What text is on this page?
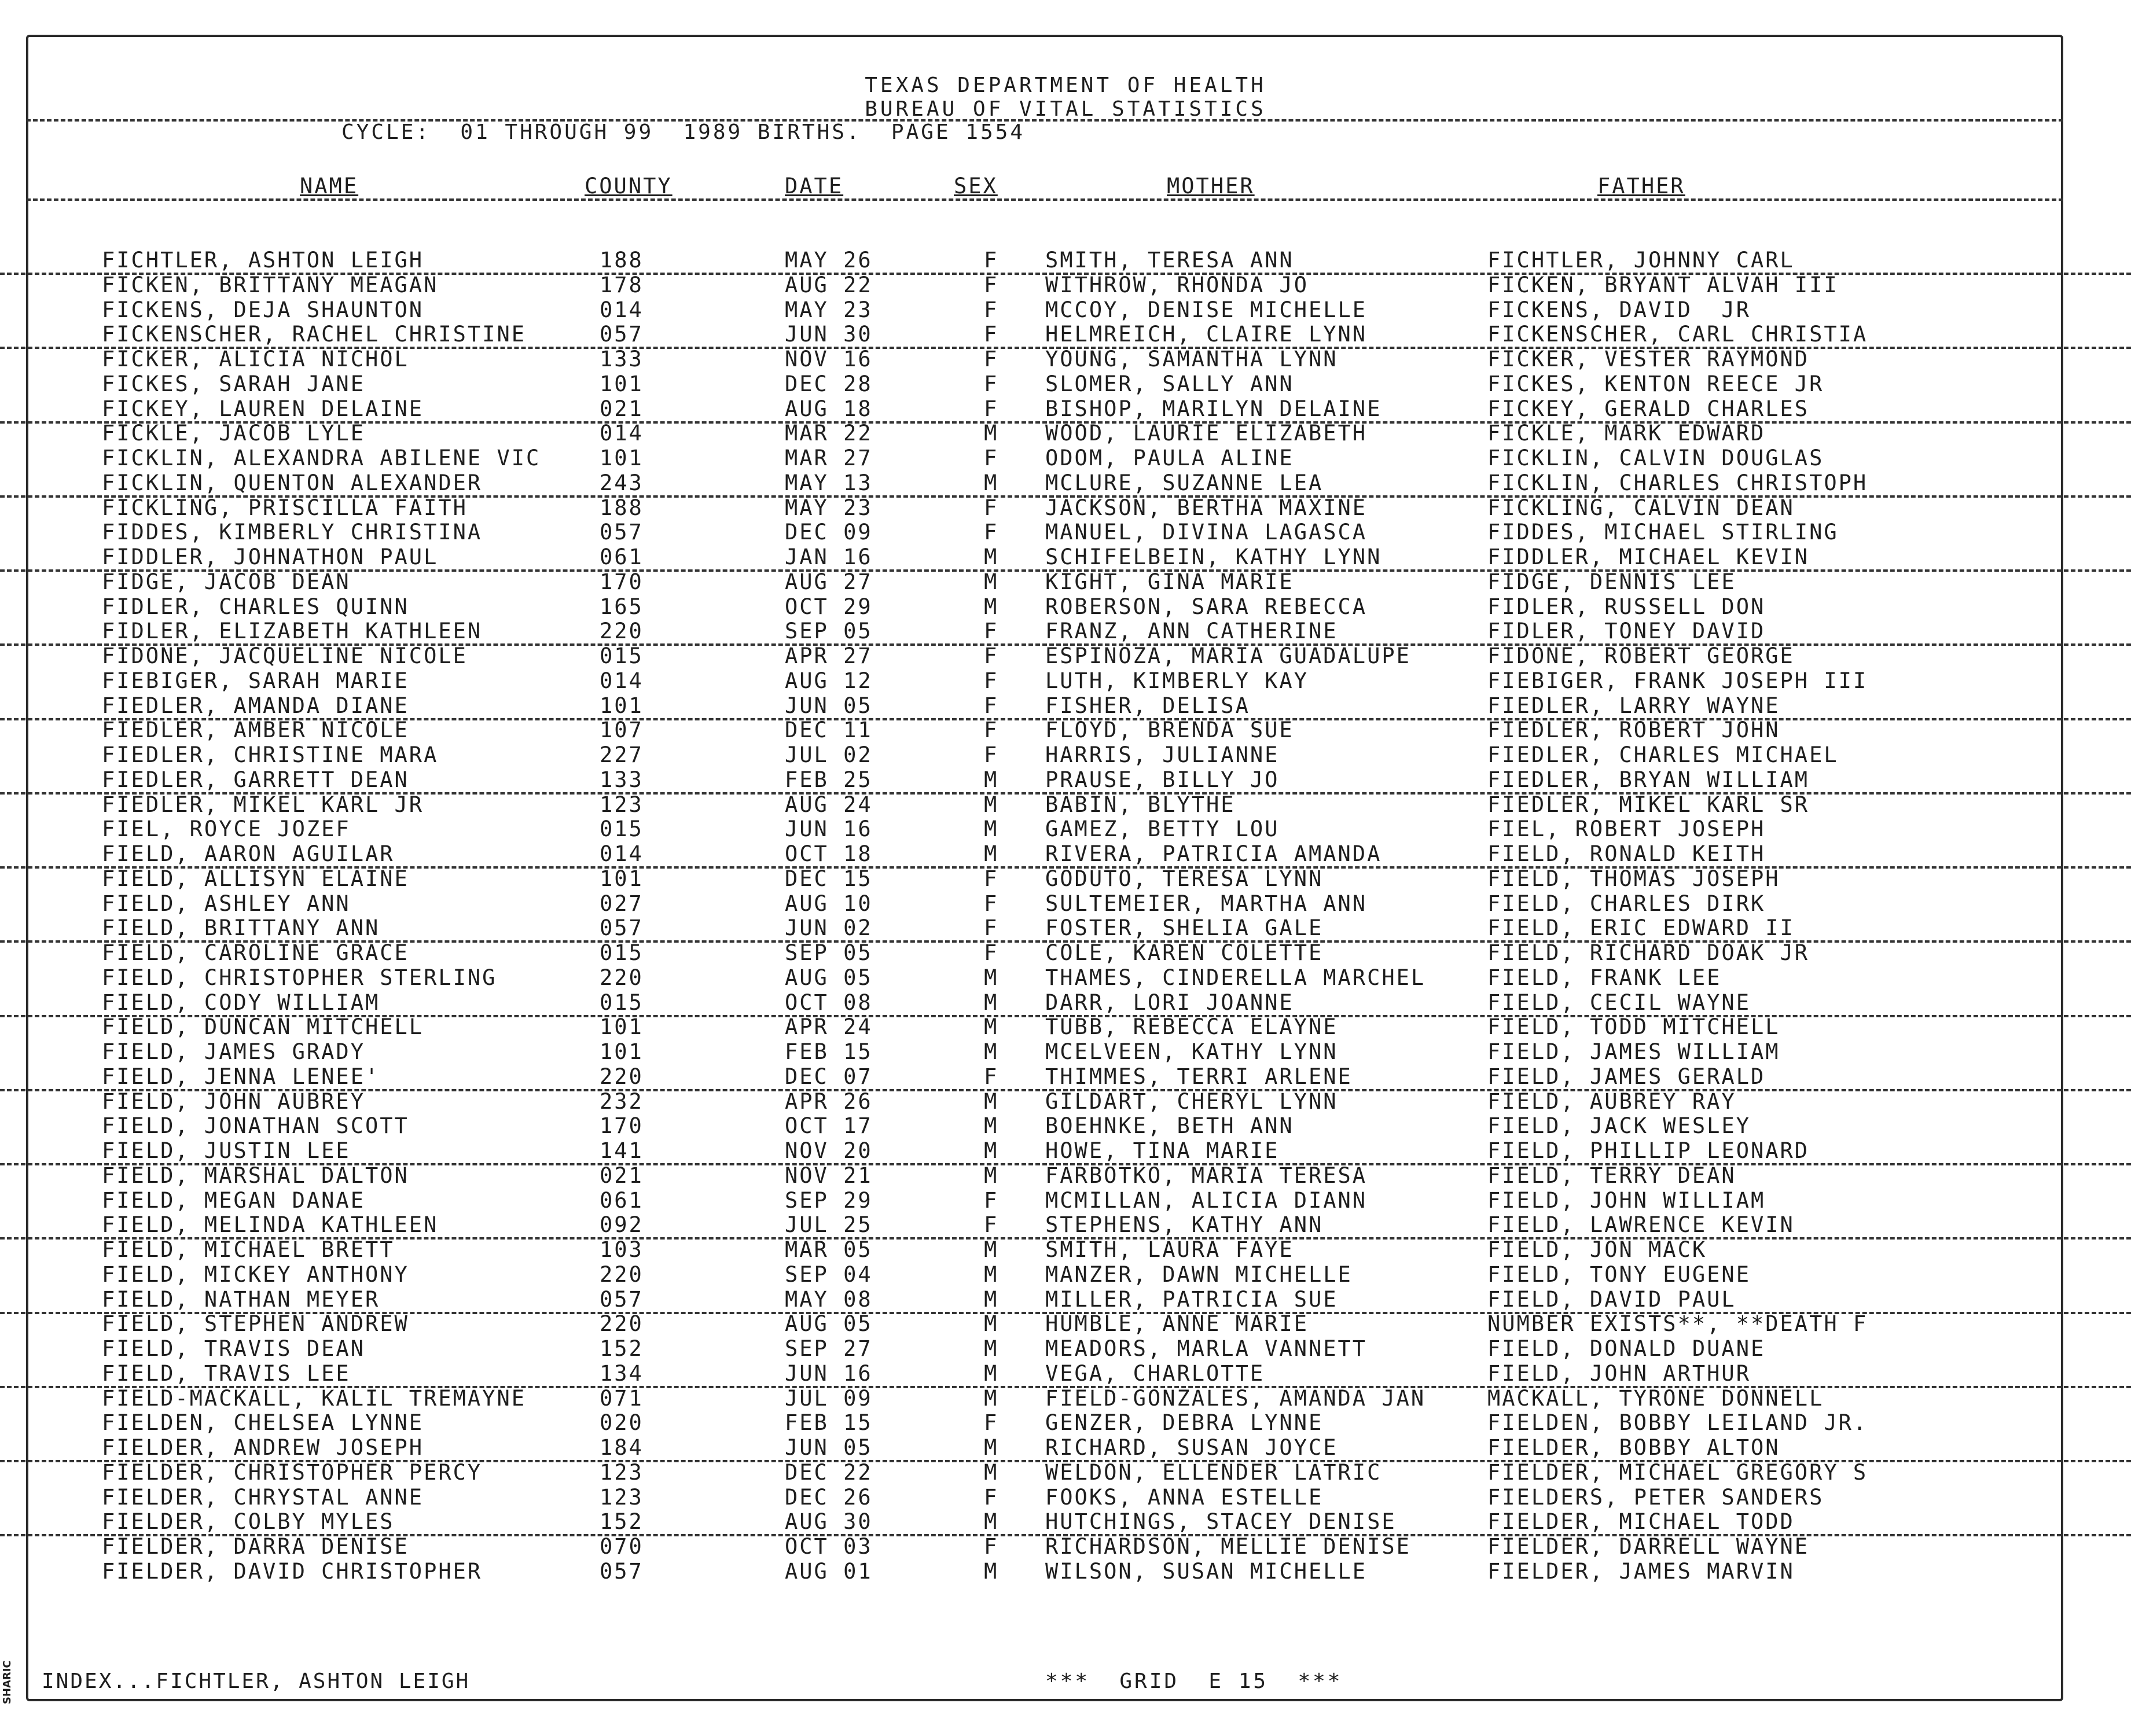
TEXAS DEPARTMENT OF HEALTH
BUREAU OF VITAL STATISTICS
CYCLE:  01 THROUGH 99  1989 BIRTHS.  PAGE 1554
NAME	COUNTY	DATE	SEX	MOTHER	FATHER
FICHTLER, ASHTON LEIGH	188	MAY 26	F SMITH, TERESA ANN	FICHTLER, JOHNNY CARL
FICKEN, BRITTANY MEAGAN	178	AUG 22	F WITHROW, RHONDA JO	FICKEN, BRYANT ALVAH III
FICKENS, DEJA SHAUNTON	014	MAY 23	F MCCOY, DENISE MICHELLE	FICKENS, DAVID  JR
FICKENSCHER, RACHEL CHRISTINE	057	JUN 30	F HELMREICH, CLAIRE LYNN	FICKENSCHER, CARL CHRISTIA
FICKER, ALICIA NICHOL	133	NOV 16	F YOUNG, SAMANTHA LYNN	FICKER, VESTER RAYMOND
FICKES, SARAH JANE	101	DEC 28	F SLOMER, SALLY ANN	FICKES, KENTON REECE JR
FICKEY, LAUREN DELAINE	021	AUG 18	F BISHOP, MARILYN DELAINE	FICKEY, GERALD CHARLES
FICKLE, JACOB LYLE	014	MAR 22	M WOOD, LAURIE ELIZABETH	FICKLE, MARK EDWARD
FICKLIN, ALEXANDRA ABILENE VIC	101	MAR 27	F ODOM, PAULA ALINE	FICKLIN, CALVIN DOUGLAS
FICKLIN, QUENTON ALEXANDER	243	MAY 13	M MCLURE, SUZANNE LEA	FICKLIN, CHARLES CHRISTOPH
FICKLING, PRISCILLA FAITH	188	MAY 23	F JACKSON, BERTHA MAXINE	FICKLING, CALVIN DEAN
FIDDES, KIMBERLY CHRISTINA	057	DEC 09	F MANUEL, DIVINA LAGASCA	FIDDES, MICHAEL STIRLING
FIDDLER, JOHNATHON PAUL	061	JAN 16	M SCHIFELBEIN, KATHY LYNN	FIDDLER, MICHAEL KEVIN
FIDGE, JACOB DEAN	170	AUG 27	M KIGHT, GINA MARIE	FIDGE, DENNIS LEE
FIDLER, CHARLES QUINN	165	OCT 29	M ROBERSON, SARA REBECCA	FIDLER, RUSSELL DON
FIDLER, ELIZABETH KATHLEEN	220	SEP 05	F FRANZ, ANN CATHERINE	FIDLER, TONEY DAVID
FIDONE, JACQUELINE NICOLE	015	APR 27	F ESPINOZA, MARIA GUADALUPE	FIDONE, ROBERT GEORGE
FIEBIGER, SARAH MARIE	014	AUG 12	F LUTH, KIMBERLY KAY	FIEBIGER, FRANK JOSEPH III
FIEDLER, AMANDA DIANE	101	JUN 05	F FISHER, DELISA	FIEDLER, LARRY WAYNE
FIEDLER, AMBER NICOLE	107	DEC 11	F FLOYD, BRENDA SUE	FIEDLER, ROBERT JOHN
FIEDLER, CHRISTINE MARA	227	JUL 02	F HARRIS, JULIANNE	FIEDLER, CHARLES MICHAEL
FIEDLER, GARRETT DEAN	133	FEB 25	M PRAUSE, BILLY JO	FIEDLER, BRYAN WILLIAM
FIEDLER, MIKEL KARL JR	123	AUG 24	M BABIN, BLYTHE	FIEDLER, MIKEL KARL SR
FIEL, ROYCE JOZEF	015	JUN 16	M GAMEZ, BETTY LOU	FIEL, ROBERT JOSEPH
FIELD, AARON AGUILAR	014	OCT 18	M RIVERA, PATRICIA AMANDA	FIELD, RONALD KEITH
FIELD, ALLISYN ELAINE	101	DEC 15	F GODUTO, TERESA LYNN	FIELD, THOMAS JOSEPH
FIELD, ASHLEY ANN	027	AUG 10	F SULTEMEIER, MARTHA ANN	FIELD, CHARLES DIRK
FIELD, BRITTANY ANN	057	JUN 02	F FOSTER, SHELIA GALE	FIELD, ERIC EDWARD II
FIELD, CAROLINE GRACE	015	SEP 05	F COLE, KAREN COLETTE	FIELD, RICHARD DOAK JR
FIELD, CHRISTOPHER STERLING	220	AUG 05	M THAMES, CINDERELLA MARCHEL	FIELD, FRANK LEE
FIELD, CODY WILLIAM	015	OCT 08	M DARR, LORI JOANNE	FIELD, CECIL WAYNE
FIELD, DUNCAN MITCHELL	101	APR 24	M TUBB, REBECCA ELAYNE	FIELD, TODD MITCHELL
FIELD, JAMES GRADY	101	FEB 15	M MCELVEEN, KATHY LYNN	FIELD, JAMES WILLIAM
FIELD, JENNA LENEE'	220	DEC 07	F THIMMES, TERRI ARLENE	FIELD, JAMES GERALD
FIELD, JOHN AUBREY	232	APR 26	M GILDART, CHERYL LYNN	FIELD, AUBREY RAY
FIELD, JONATHAN SCOTT	170	OCT 17	M BOEHNKE, BETH ANN	FIELD, JACK WESLEY
FIELD, JUSTIN LEE	141	NOV 20	M HOWE, TINA MARIE	FIELD, PHILLIP LEONARD
FIELD, MARSHAL DALTON	021	NOV 21	M FARBOTKO, MARIA TERESA	FIELD, TERRY DEAN
FIELD, MEGAN DANAE	061	SEP 29	F MCMILLAN, ALICIA DIANN	FIELD, JOHN WILLIAM
FIELD, MELINDA KATHLEEN	092	JUL 25	F STEPHENS, KATHY ANN	FIELD, LAWRENCE KEVIN
FIELD, MICHAEL BRETT	103	MAR 05	M SMITH, LAURA FAYE	FIELD, JON MACK
FIELD, MICKEY ANTHONY	220	SEP 04	M MANZER, DAWN MICHELLE	FIELD, TONY EUGENE
FIELD, NATHAN MEYER	057	MAY 08	M MILLER, PATRICIA SUE	FIELD, DAVID PAUL
FIELD, STEPHEN ANDREW	220	AUG 05	M HUMBLE, ANNE MARIE	NUMBER EXISTS**, **DEATH F
FIELD, TRAVIS DEAN	152	SEP 27	M MEADORS, MARLA VANNETT	FIELD, DONALD DUANE
FIELD, TRAVIS LEE	134	JUN 16	M VEGA, CHARLOTTE	FIELD, JOHN ARTHUR
FIELD-MACKALL, KALIL TREMAYNE	071	JUL 09	M FIELD-GONZALES, AMANDA JAN	MACKALL, TYRONE DONNELL
FIELDEN, CHELSEA LYNNE	020	FEB 15	F GENZER, DEBRA LYNNE	FIELDEN, BOBBY LEILAND JR.
FIELDER, ANDREW JOSEPH	184	JUN 05	M RICHARD, SUSAN JOYCE	FIELDER, BOBBY ALTON
FIELDER, CHRISTOPHER PERCY	123	DEC 22	M WELDON, ELLENDER LATRIC	FIELDER, MICHAEL GREGORY S
FIELDER, CHRYSTAL ANNE	123	DEC 26	F FOOKS, ANNA ESTELLE	FIELDERS, PETER SANDERS
FIELDER, COLBY MYLES	152	AUG 30	M HUTCHINGS, STACEY DENISE	FIELDER, MICHAEL TODD
FIELDER, DARRA DENISE	070	OCT 03	F RICHARDSON, MELLIE DENISE	FIELDER, DARRELL WAYNE
FIELDER, DAVID CHRISTOPHER	057	AUG 01	M WILSON, SUSAN MICHELLE	FIELDER, JAMES MARVIN
INDEX...FICHTLER, ASHTON LEIGH	***  GRID  E 15  ***
SHARIC
